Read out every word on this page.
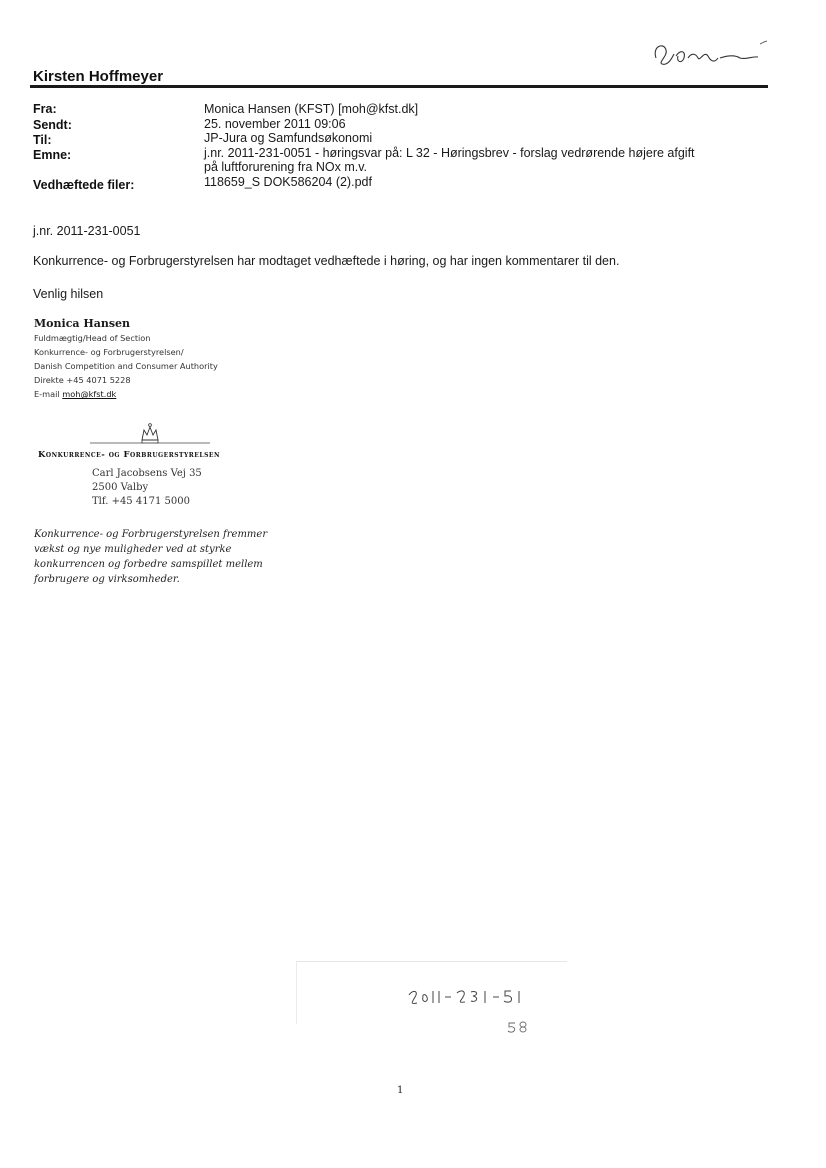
Kirsten Hoffmeyer
Fra:	Monica Hansen (KFST) [moh@kfst.dk]
Sendt:	25. november 2011 09:06
Til:	JP-Jura og Samfundsøkonomi
Emne:	j.nr. 2011-231-0051 - høringsvar på: L 32 - Høringsbrev - forslag vedrørende højere afgift
på luftforurening fra NOx m.v.
Vedhæftede filer:	118659_S DOK586204 (2).pdf
j.nr. 2011-231-0051
Konkurrence- og Forbrugerstyrelsen har modtaget vedhæftede i høring, og har ingen kommentarer til den.
Venlig hilsen
Monica Hansen
Fuldmægtig/Head of Section
Konkurrence- og Forbrugerstyrelsen/
Danish Competition and Consumer Authority
Direkte +45 4071 5228
E-mail moh@kfst.dk
Konkurrence- og Forbrugerstyrelsen
Carl Jacobsens Vej 35
2500 Valby
Tlf. +45 4171 5000
Konkurrence- og Forbrugerstyrelsen fremmer
vækst og nye muligheder ved at styrke
konkurrencen og forbedre samspillet mellem
forbrugere og virksomheder.
1
